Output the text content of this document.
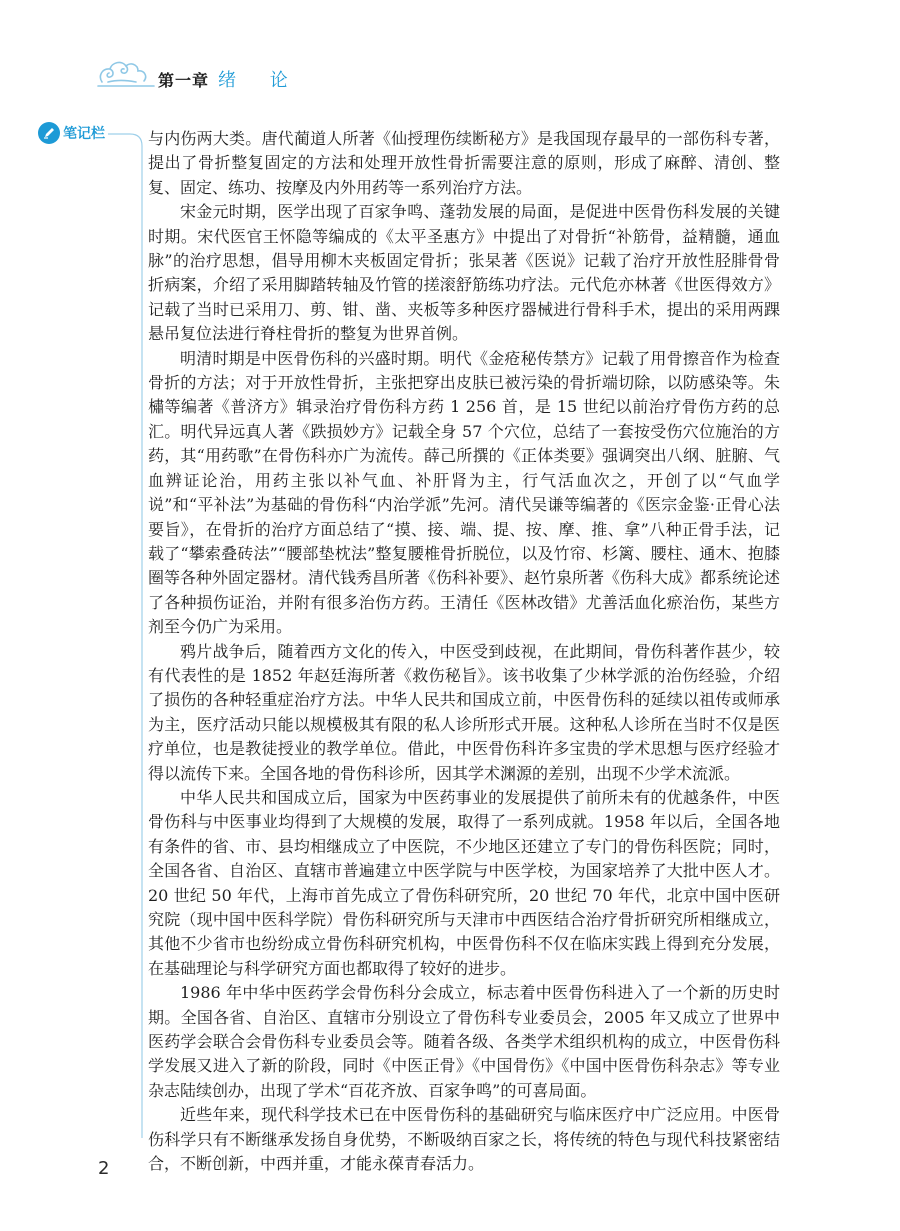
第一章 绪 论
笔记栏	与内伤两大类。唐代蔺道人所著《仙授理伤续断秘方》是我国现存最早的一部伤科专著，提出了骨折整复固定的方法和处理开放性骨折需要注意的原则，形成了麻醉、清创、整复、固定、练功、按摩及内外用药等一系列治疗方法。

宋金元时期，医学出现了百家争鸣、蓬勃发展的局面，是促进中医骨伤科发展的关键时期。宋代医官王怀隐等编成的《太平圣惠方》中提出了对骨折“补筋骨，益精髓，通血脉”的治疗思想，倡导用柳木夹板固定骨折；张杲著《医说》记载了治疗开放性胫腓骨骨折病案，介绍了采用脚踏转轴及竹管的搓滚舒筋练功疗法。元代危亦林著《世医得效方》记载了当时已采用刀、剪、钳、凿、夹板等多种医疗器械进行骨科手术，提出的采用两踝悬吊复位法进行脊柱骨折的整复为世界首例。

明清时期是中医骨伤科的兴盛时期。明代《金疮秘传禁方》记载了用骨擦音作为检查骨折的方法；对于开放性骨折，主张把穿出皮肤已被污染的骨折端切除，以防感染等。朱橚等编著《普济方》辑录治疗骨伤科方药 1 256 首，是 15 世纪以前治疗骨伤方药的总汇。明代异远真人著《跌损妙方》记载全身 57 个穴位，总结了一套按受伤穴位施治的方药，其“用药歌”在骨伤科亦广为流传。薛己所撰的《正体类要》强调突出八纲、脏腑、气血辨证论治，用药主张以补气血、补肝肾为主，行气活血次之，开创了以“气血学说”和“平补法”为基础的骨伤科“内治学派”先河。清代吴谦等编著的《医宗金鉴·正骨心法要旨》，在骨折的治疗方面总结了“摸、接、端、提、按、摩、推、拿”八种正骨手法，记载了“攀索叠砖法”“腰部垫枕法”整复腰椎骨折脱位，以及竹帘、杉篱、腰柱、通木、抱膝圈等各种外固定器材。清代钱秀昌所著《伤科补要》、赵竹泉所著《伤科大成》都系统论述了各种损伤证治，并附有很多治伤方药。王清任《医林改错》尤善活血化瘀治伤，某些方剂至今仍广为采用。

鸦片战争后，随着西方文化的传入，中医受到歧视，在此期间，骨伤科著作甚少，较有代表性的是 1852 年赵廷海所著《救伤秘旨》。该书收集了少林学派的治伤经验，介绍了损伤的各种轻重症治疗方法。中华人民共和国成立前，中医骨伤科的延续以祖传或师承为主，医疗活动只能以规模极其有限的私人诊所形式开展。这种私人诊所在当时不仅是医疗单位，也是教徒授业的教学单位。借此，中医骨伤科许多宝贵的学术思想与医疗经验才得以流传下来。全国各地的骨伤科诊所，因其学术渊源的差别，出现不少学术流派。

中华人民共和国成立后，国家为中医药事业的发展提供了前所未有的优越条件，中医骨伤科与中医事业均得到了大规模的发展，取得了一系列成就。1958 年以后，全国各地有条件的省、市、县均相继成立了中医院，不少地区还建立了专门的骨伤科医院；同时，全国各省、自治区、直辖市普遍建立中医学院与中医学校，为国家培养了大批中医人才。20 世纪 50 年代，上海市首先成立了骨伤科研究所，20 世纪 70 年代，北京中国中医研究院（现中国中医科学院）骨伤科研究所与天津市中西医结合治疗骨折研究所相继成立，其他不少省市也纷纷成立骨伤科研究机构，中医骨伤科不仅在临床实践上得到充分发展，在基础理论与科学研究方面也都取得了较好的进步。

1986 年中华中医药学会骨伤科分会成立，标志着中医骨伤科进入了一个新的历史时期。全国各省、自治区、直辖市分别设立了骨伤科专业委员会，2005 年又成立了世界中医药学会联合会骨伤科专业委员会等。随着各级、各类学术组织机构的成立，中医骨伤科学发展又进入了新的阶段，同时《中医正骨》《中国骨伤》《中国中医骨伤科杂志》等专业杂志陆续创办，出现了学术“百花齐放、百家争鸣”的可喜局面。

近些年来，现代科学技术已在中医骨伤科的基础研究与临床医疗中广泛应用。中医骨伤科学只有不断继承发扬自身优势，不断吸纳百家之长，将传统的特色与现代科技紧密结合，不断创新，中西并重，才能永葆青春活力。

2
